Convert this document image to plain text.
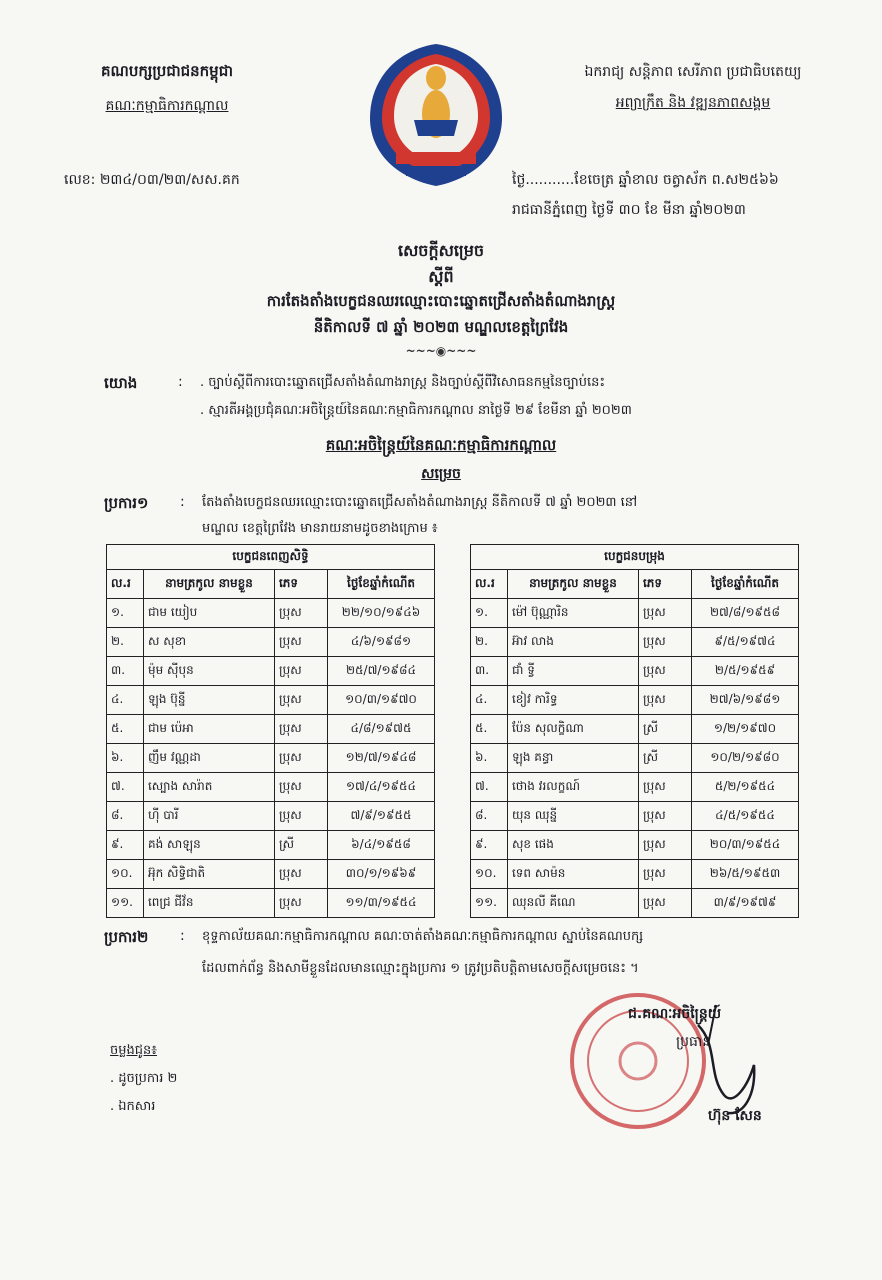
គណបក្សប្រជាជនកម្ពុជា
គណៈកម្មាធិការកណ្តាល
ឯករាជ្យ សន្តិភាព សេរីភាព ប្រជាធិបតេយ្យ
អព្យាក្រឹត និង វឌ្ឍនភាពសង្គម
លេខ: ២៣៤/០៣/២៣/សស.គក	ថ្ងៃ...........ខែចេត្រ ឆ្នាំខាល ចត្វាស័ក ព.ស២៥៦៦
រាជធានីភ្នំពេញ ថ្ងៃទី ៣០ ខែ មីនា ឆ្នាំ២០២៣
សេចក្តីសម្រេច
ស្តីពី
ការតែងតាំងបេក្ខជនឈរឈ្មោះបោះឆ្នោតជ្រើសតាំងតំណាងរាស្ត្រ
នីតិកាលទី ៧ ឆ្នាំ ២០២៣ មណ្ឌលខេត្តព្រៃវែង
~~~◉~~~
យោង	: . ច្បាប់ស្តីពីការបោះឆ្នោតជ្រើសតាំងតំណាងរាស្ត្រ និងច្បាប់ស្តីពីវិសោធនកម្មនៃច្បាប់នេះ
. ស្មារតីអង្គប្រជុំគណៈអចិន្ត្រៃយ៍នៃគណៈកម្មាធិការកណ្តាល នាថ្ងៃទី ២៩ ខែមីនា ឆ្នាំ ២០២៣
គណៈអចិន្ត្រៃយ៍នៃគណៈកម្មាធិការកណ្តាល
សម្រេច
ប្រការ១ : តែងតាំងបេក្ខជនឈរឈ្មោះបោះឆ្នោតជ្រើសតាំងតំណាងរាស្ត្រ នីតិកាលទី ៧ ឆ្នាំ ២០២៣ នៅ
មណ្ឌល ខេត្តព្រៃវែង មានរាយនាមដូចខាងក្រោម ៖
បេក្ខជនពេញសិទ្ធិ			
ល.រ	នាមត្រកូល នាមខ្លួន	ភេទ	ថ្ងៃខែឆ្នាំកំណើត
១.	ជាម យៀប	ប្រុស	២២/១០/១៩៤៦
២.	ស សុខា	ប្រុស	៤/៦/១៩៨១
៣.	ម៉ុម ស៊ីបុន	ប្រុស	២៥/៧/១៩៨៤
៤.	ឡុង ប៊ុន្នី	ប្រុស	១០/៣/១៩៧០
៥.	ជាម ប៉េអា	ប្រុស	៤/៨/១៩៧៥
៦.	ញឹម វណ្ណដា	ប្រុស	១២/៧/១៩៤៨
៧.	ស្បោង សារ៉ាត	ប្រុស	១៧/៤/១៩៥៤
៨.	ហ៊ី បារី	ប្រុស	៧/៩/១៩៥៥
៩.	គង់ សាឡុន	ស្រី	៦/៤/១៩៥៨
១០.	អ៊ុក សិទ្ធិជាតិ	ប្រុស	៣០/១/១៩៦៩
១១.	ពេជ្រ ជីវ័ន	ប្រុស	១១/៣/១៩៥៤
បេក្ខជនបម្រុង			
ល.រ	នាមត្រកូល នាមខ្លួន	ភេទ	ថ្ងៃខែឆ្នាំកំណើត
១.	ម៉ៅ ប៊ុណ្ណារិន	ប្រុស	២៧/៨/១៩៥៨
២.	អ៊ាវ លាង	ប្រុស	៩/៥/១៩៧៤
៣.	ជាំ ទ្វី	ប្រុស	២/៥/១៩៥៩
៤.	ខៀវ ការិទ្ធ	ប្រុស	២៧/៦/១៩៨១
៥.	ប៉ែន សុលក្ខិណា	ស្រី	១/២/១៩៧០
៦.	ឡុង គន្ធា	ស្រី	១០/២/១៩៨០
៧.	ថោង វរលក្ខណ៍	ប្រុស	៥/២/១៩៥៤
៨.	យុន ឈុន្នី	ប្រុស	៤/៥/១៩៥៤
៩.	សុខ ផេង	ប្រុស	២០/៣/១៩៥៤
១០.	ទេព សាម៉ន	ប្រុស	២៦/៥/១៩៥៣
១១.	ឈុនលី គីណេ	ប្រុស	៣/៩/១៩៧៩
ប្រការ២ : ខុទ្ទកាល័យគណៈកម្មាធិការកណ្តាល គណៈចាត់តាំងគណៈកម្មាធិការកណ្តាល ស្នាប់នៃគណបក្ស
ដែលពាក់ព័ន្ធ និងសាមីខ្លួនដែលមានឈ្មោះក្នុងប្រការ ១ ត្រូវប្រតិបត្តិតាមសេចក្តីសម្រេចនេះ ។
ជ.គណៈអចិន្ត្រៃយ៍
ប្រធាន
ហ៊ុន សែន
ចម្លងជូន៖
. ដូចប្រការ ២
. ឯកសារ
